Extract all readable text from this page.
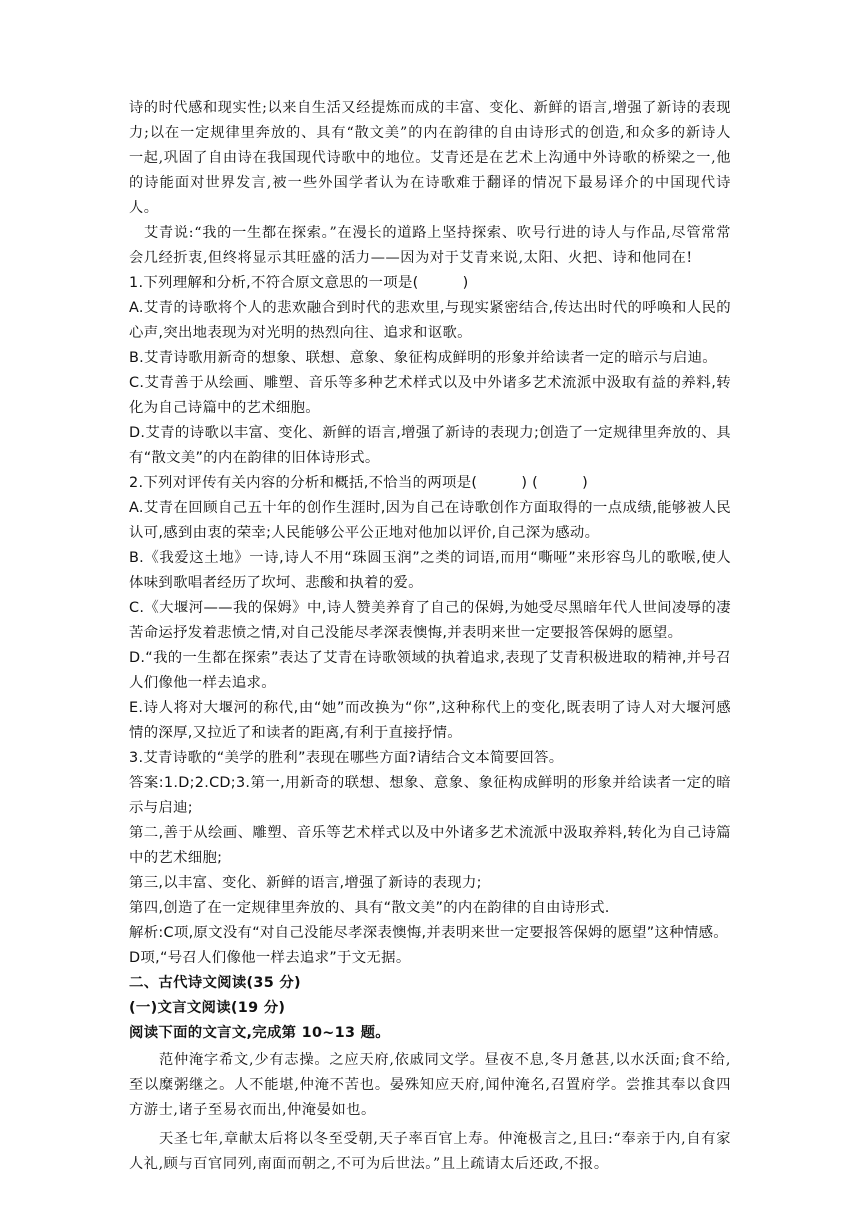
诗的时代感和现实性;以来自生活又经提炼而成的丰富、变化、新鲜的语言,增强了新诗的表现力;以在一定规律里奔放的、具有“散文美”的内在韵律的自由诗形式的创造,和众多的新诗人一起,巩固了自由诗在我国现代诗歌中的地位。艾青还是在艺术上沟通中外诗歌的桥梁之一,他的诗能面对世界发言,被一些外国学者认为在诗歌难于翻译的情况下最易译介的中国现代诗人。

艾青说:“我的一生都在探索。”在漫长的道路上坚持探索、吹号行进的诗人与作品,尽管常常会几经折衷,但终将显示其旺盛的活力——因为对于艾青来说,太阳、火把、诗和他同在!

1.下列理解和分析,不符合原文意思的一项是(　　　)

A.艾青的诗歌将个人的悲欢融合到时代的悲欢里,与现实紧密结合,传达出时代的呼唤和人民的心声,突出地表现为对光明的热烈向往、追求和讴歌。

B.艾青诗歌用新奇的想象、联想、意象、象征构成鲜明的形象并给读者一定的暗示与启迪。

C.艾青善于从绘画、雕塑、音乐等多种艺术样式以及中外诸多艺术流派中汲取有益的养料,转化为自己诗篇中的艺术细胞。

D.艾青的诗歌以丰富、变化、新鲜的语言,增强了新诗的表现力;创造了一定规律里奔放的、具有“散文美”的内在韵律的旧体诗形式。

2.下列对评传有关内容的分析和概括,不恰当的两项是(　　　) (　　　)

A.艾青在回顾自己五十年的创作生涯时,因为自己在诗歌创作方面取得的一点成绩,能够被人民认可,感到由衷的荣幸;人民能够公平公正地对他加以评价,自己深为感动。

B.《我爱这土地》一诗,诗人不用“珠圆玉润”之类的词语,而用“嘶哑”来形容鸟儿的歌喉,使人体味到歌唱者经历了坎坷、悲酸和执着的爱。

C.《大堰河——我的保姆》中,诗人赞美养育了自己的保姆,为她受尽黑暗年代人世间凌辱的凄苦命运抒发着悲愤之情,对自己没能尽孝深表懊悔,并表明来世一定要报答保姆的愿望。

D.“我的一生都在探索”表达了艾青在诗歌领域的执着追求,表现了艾青积极进取的精神,并号召人们像他一样去追求。

E.诗人将对大堰河的称代,由“她”而改换为“你”,这种称代上的变化,既表明了诗人对大堰河感情的深厚,又拉近了和读者的距离,有利于直接抒情。

3.艾青诗歌的“美学的胜利”表现在哪些方面?请结合文本简要回答。

答案:1.D;2.CD;3.第一,用新奇的联想、想象、意象、象征构成鲜明的形象并给读者一定的暗示与启迪;

第二,善于从绘画、雕塑、音乐等艺术样式以及中外诸多艺术流派中汲取养料,转化为自己诗篇中的艺术细胞;

第三,以丰富、变化、新鲜的语言,增强了新诗的表现力;

第四,创造了在一定规律里奔放的、具有“散文美”的内在韵律的自由诗形式.

解析:C项,原文没有“对自己没能尽孝深表懊悔,并表明来世一定要报答保姆的愿望”这种情感。

D项,“号召人们像他一样去追求”于文无据。

二、古代诗文阅读(35 分)

(一)文言文阅读(19 分)

阅读下面的文言文,完成第 10~13 题。

范仲淹字希文,少有志操。之应天府,依戚同文学。昼夜不息,冬月惫甚,以水沃面;食不给,至以糜粥继之。人不能堪,仲淹不苦也。晏殊知应天府,闻仲淹名,召置府学。尝推其奉以食四方游士,诸子至易衣而出,仲淹晏如也。

天圣七年,章献太后将以冬至受朝,天子率百官上寿。仲淹极言之,且曰:“奉亲于内,自有家人礼,顾与百官同列,南面而朝之,不可为后世法。”且上疏请太后还政,不报。
